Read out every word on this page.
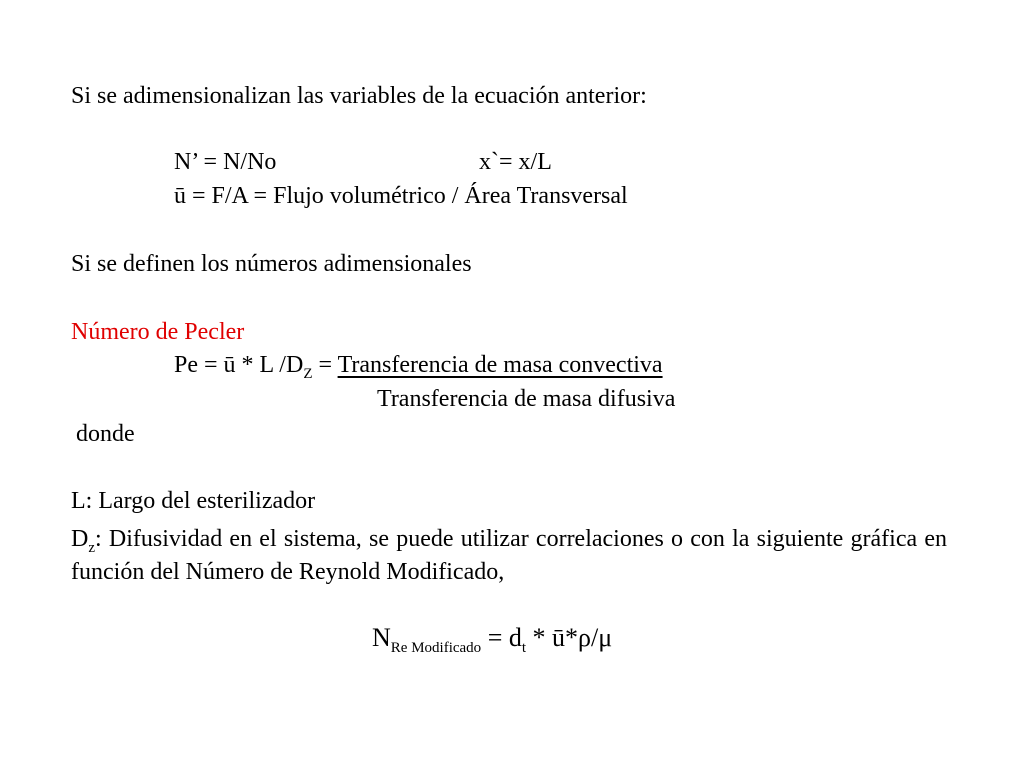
Si se adimensionalizan las variables de la ecuación anterior:
N’ = N/No	x`= x/L
ū = F/A = Flujo volumétrico / Área Transversal
Si se definen los números adimensionales
Número de Pecler
Pe = ū * L $/D_Z$ = Transferencia de masa convectiva
Transferencia de masa difusiva
donde
L: Largo del esterilizador
$D_z$: Difusividad en el sistema, se puede utilizar correlaciones o con la siguiente gráfica en función del Número de Reynold Modificado,
$N_{Re Modificado} = d_t$ * ū*ρ/μ
